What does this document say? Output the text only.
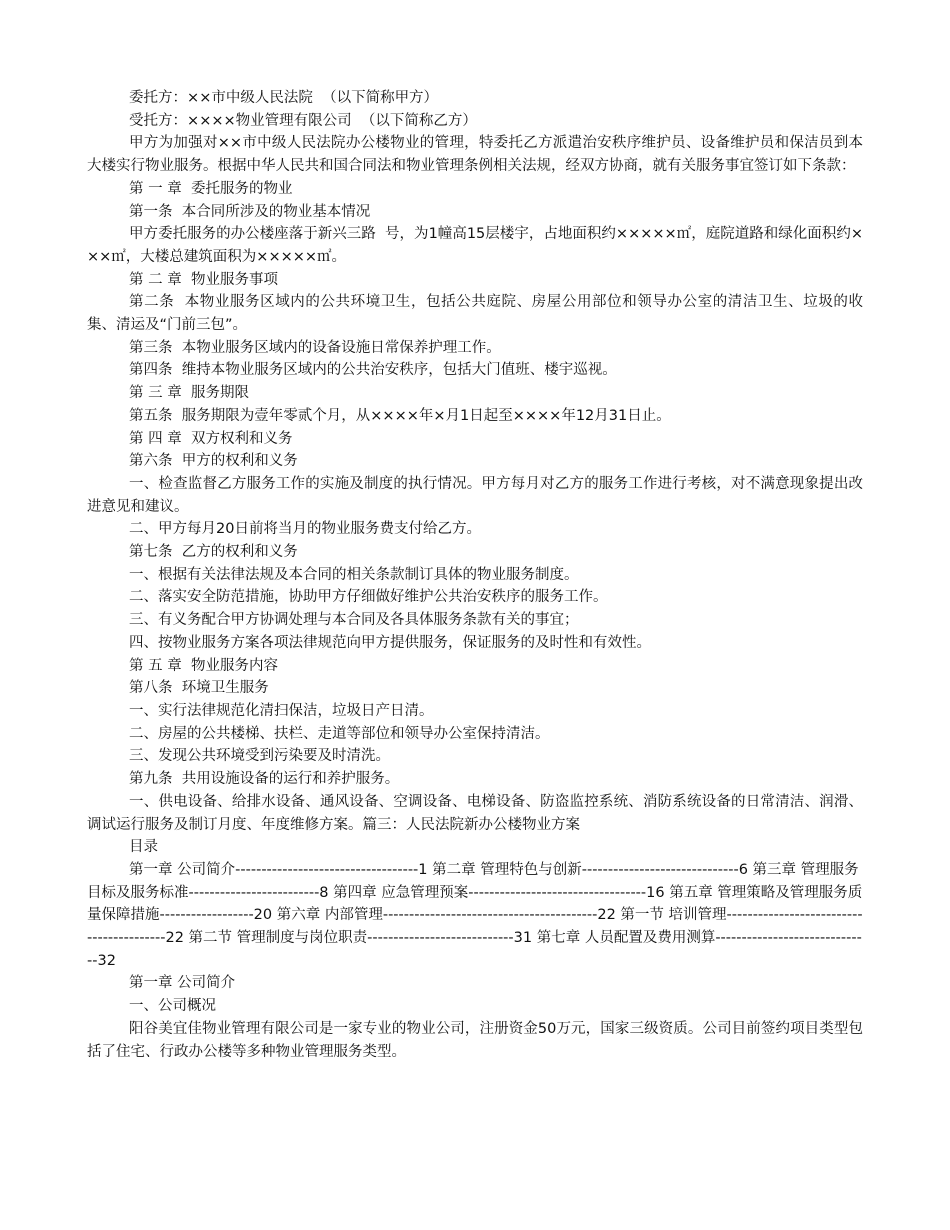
委托方：××市中级人民法院  （以下简称甲方）

受托方：××××物业管理有限公司  （以下简称乙方）

甲方为加强对××市中级人民法院办公楼物业的管理，特委托乙方派遣治安秩序维护员、设备维护员和保洁员到本大楼实行物业服务。根据中华人民共和国合同法和物业管理条例相关法规，经双方协商，就有关服务事宜签订如下条款：

第 一 章  委托服务的物业

第一条  本合同所涉及的物业基本情况

甲方委托服务的办公楼座落于新兴三路  号，为1幢高15层楼宇，占地面积约×××××㎡，庭院道路和绿化面积约×××㎡，大楼总建筑面积为×××××㎡。

第 二 章  物业服务事项

第二条  本物业服务区域内的公共环境卫生，包括公共庭院、房屋公用部位和领导办公室的清洁卫生、垃圾的收集、清运及“门前三包”。

第三条  本物业服务区域内的设备设施日常保养护理工作。

第四条  维持本物业服务区域内的公共治安秩序，包括大门值班、楼宇巡视。

第 三 章  服务期限

第五条  服务期限为壹年零贰个月，从××××年×月1日起至××××年12月31日止。

第 四 章  双方权利和义务

第六条  甲方的权利和义务

一、检查监督乙方服务工作的实施及制度的执行情况。甲方每月对乙方的服务工作进行考核，对不满意现象提出改进意见和建议。

二、甲方每月20日前将当月的物业服务费支付给乙方。

第七条  乙方的权利和义务

一、根据有关法律法规及本合同的相关条款制订具体的物业服务制度。

二、落实安全防范措施，协助甲方仔细做好维护公共治安秩序的服务工作。

三、有义务配合甲方协调处理与本合同及各具体服务条款有关的事宜；

四、按物业服务方案各项法律规范向甲方提供服务，保证服务的及时性和有效性。

第 五 章  物业服务内容

第八条  环境卫生服务

一、实行法律规范化清扫保洁，垃圾日产日清。

二、房屋的公共楼梯、扶栏、走道等部位和领导办公室保持清洁。

三、发现公共环境受到污染要及时清洗。

第九条  共用设施设备的运行和养护服务。

一、供电设备、给排水设备、通风设备、空调设备、电梯设备、防盗监控系统、消防系统设备的日常清洁、润滑、调试运行服务及制订月度、年度维修方案。篇三：人民法院新办公楼物业方案

目录

第一章 公司简介-----------------------------------1 第二章 管理特色与创新------------------------------6 第三章 管理服务目标及服务标准-------------------------8 第四章 应急管理预案----------------------------------16 第五章 管理策略及管理服务质量保障措施------------------20 第六章 内部管理-----------------------------------------22 第一节 培训管理-----------------------------------------22 第二节 管理制度与岗位职责----------------------------31 第七章 人员配置及费用测算------------------------------32

第一章 公司简介

一、公司概况

阳谷美宜佳物业管理有限公司是一家专业的物业公司，注册资金50万元，国家三级资质。公司目前签约项目类型包括了住宅、行政办公楼等多种物业管理服务类型。
